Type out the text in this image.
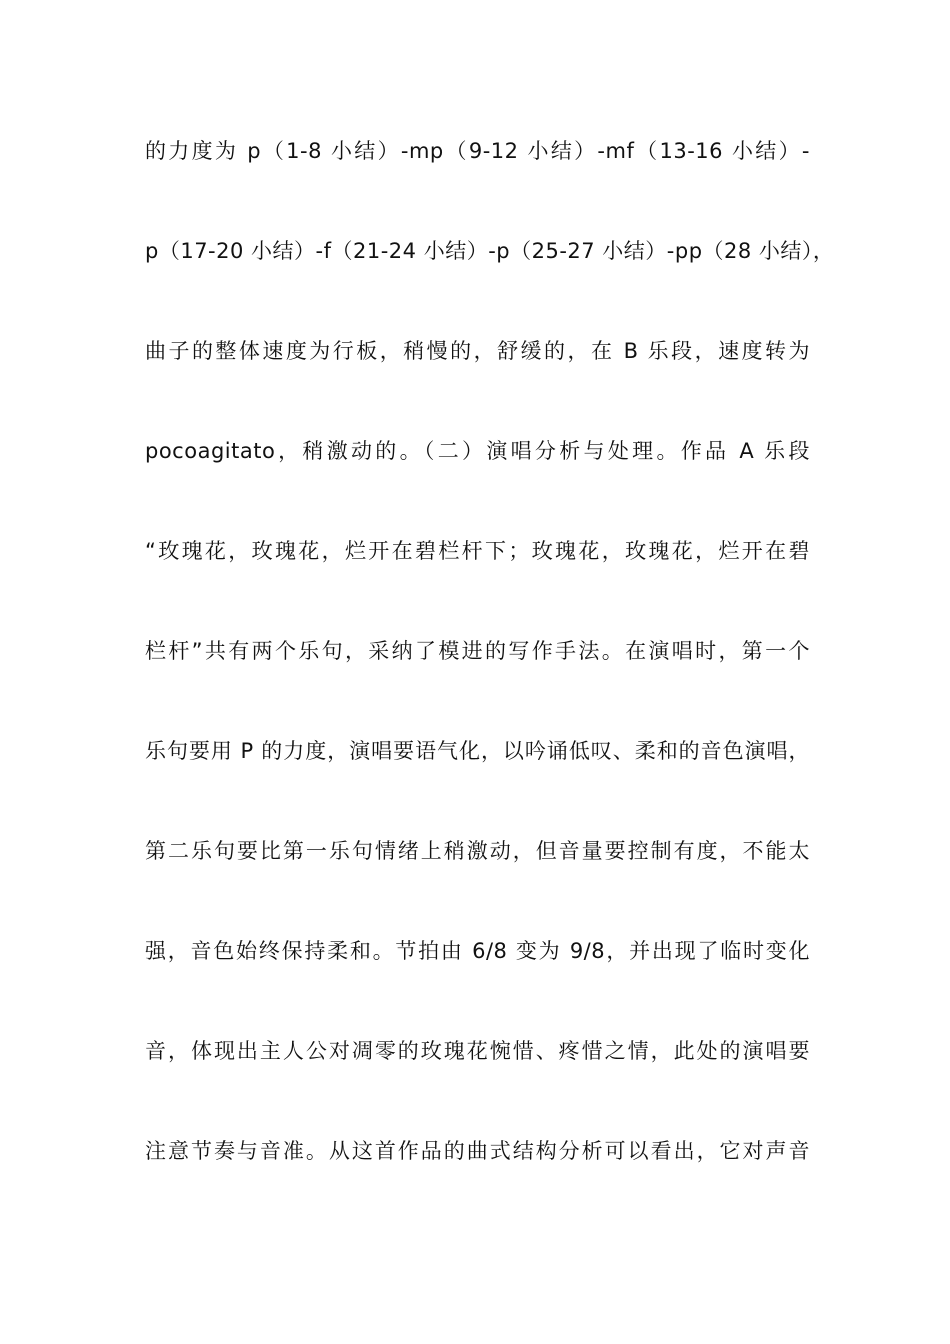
的力度为 p（1-8 小结）-mp（9-12 小结）-mf（13-16 小结）-
p（17-20 小结）-f（21-24 小结）-p（25-27 小结）-pp（28 小结），
曲子的整体速度为行板，稍慢的，舒缓的，在 B 乐段，速度转为
pocoagitato，稍激动的。（二）演唱分析与处理。作品 A 乐段
“玫瑰花，玫瑰花，烂开在碧栏杆下；玫瑰花，玫瑰花，烂开在碧
栏杆”共有两个乐句，采纳了模进的写作手法。在演唱时，第一个
乐句要用 P 的力度，演唱要语气化，以吟诵低叹、柔和的音色演唱，
第二乐句要比第一乐句情绪上稍激动，但音量要控制有度，不能太
强，音色始终保持柔和。节拍由 6/8 变为 9/8，并出现了临时变化
音，体现出主人公对凋零的玫瑰花惋惜、疼惜之情，此处的演唱要
注意节奏与音准。从这首作品的曲式结构分析可以看出，它对声音
